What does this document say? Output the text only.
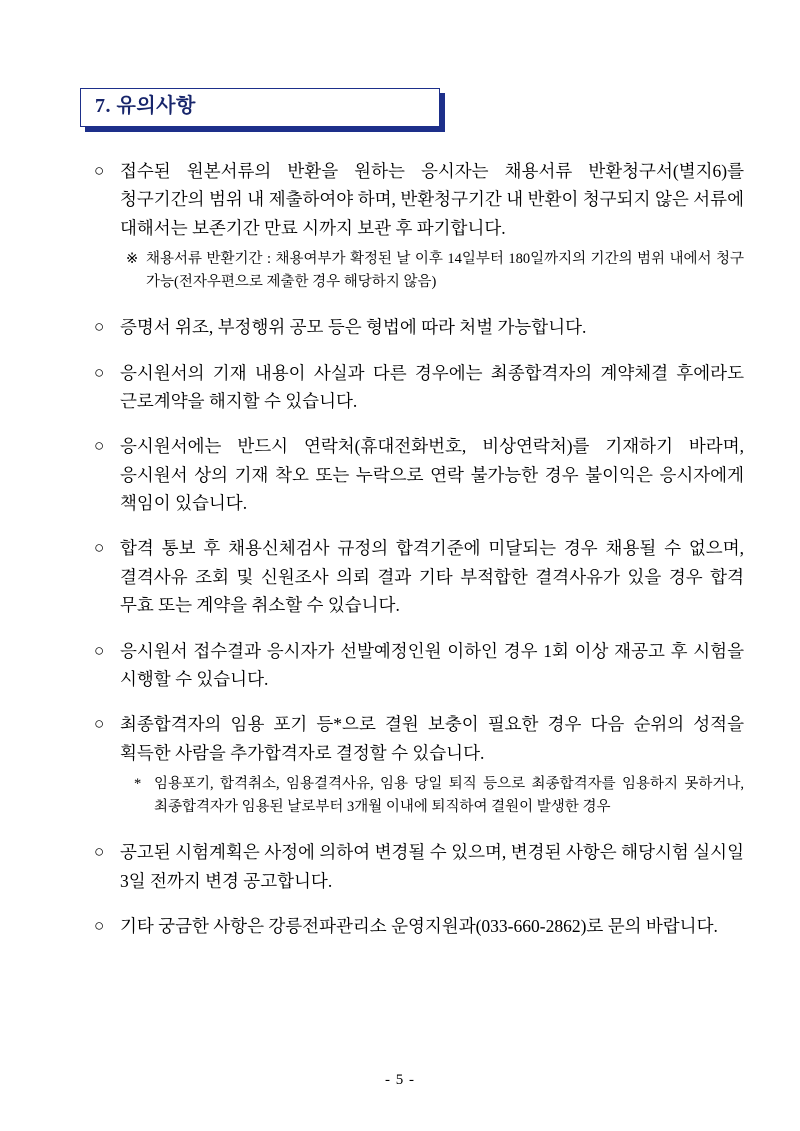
7. 유의사항
○ 접수된 원본서류의 반환을 원하는 응시자는 채용서류 반환청구서(별지6)를 청구기간의 범위 내 제출하여야 하며, 반환청구기간 내 반환이 청구되지 않은 서류에 대해서는 보존기간 만료 시까지 보관 후 파기합니다.
※ 채용서류 반환기간 : 채용여부가 확정된 날 이후 14일부터 180일까지의 기간의 범위 내에서 청구 가능(전자우편으로 제출한 경우 해당하지 않음)
○ 증명서 위조, 부정행위 공모 등은 형법에 따라 처벌 가능합니다.
○ 응시원서의 기재 내용이 사실과 다른 경우에는 최종합격자의 계약체결 후에라도 근로계약을 해지할 수 있습니다.
○ 응시원서에는 반드시 연락처(휴대전화번호, 비상연락처)를 기재하기 바라며, 응시원서 상의 기재 착오 또는 누락으로 연락 불가능한 경우 불이익은 응시자에게 책임이 있습니다.
○ 합격 통보 후 채용신체검사 규정의 합격기준에 미달되는 경우 채용될 수 없으며, 결격사유 조회 및 신원조사 의뢰 결과 기타 부적합한 결격사유가 있을 경우 합격 무효 또는 계약을 취소할 수 있습니다.
○ 응시원서 접수결과 응시자가 선발예정인원 이하인 경우 1회 이상 재공고 후 시험을 시행할 수 있습니다.
○ 최종합격자의 임용 포기 등*으로 결원 보충이 필요한 경우 다음 순위의 성적을 획득한 사람을 추가합격자로 결정할 수 있습니다.
* 임용포기, 합격취소, 임용결격사유, 임용 당일 퇴직 등으로 최종합격자를 임용하지 못하거나, 최종합격자가 임용된 날로부터 3개월 이내에 퇴직하여 결원이 발생한 경우
○ 공고된 시험계획은 사정에 의하여 변경될 수 있으며, 변경된 사항은 해당시험 실시일 3일 전까지 변경 공고합니다.
○ 기타 궁금한 사항은 강릉전파관리소 운영지원과(033-660-2862)로 문의 바랍니다.
- 5 -
